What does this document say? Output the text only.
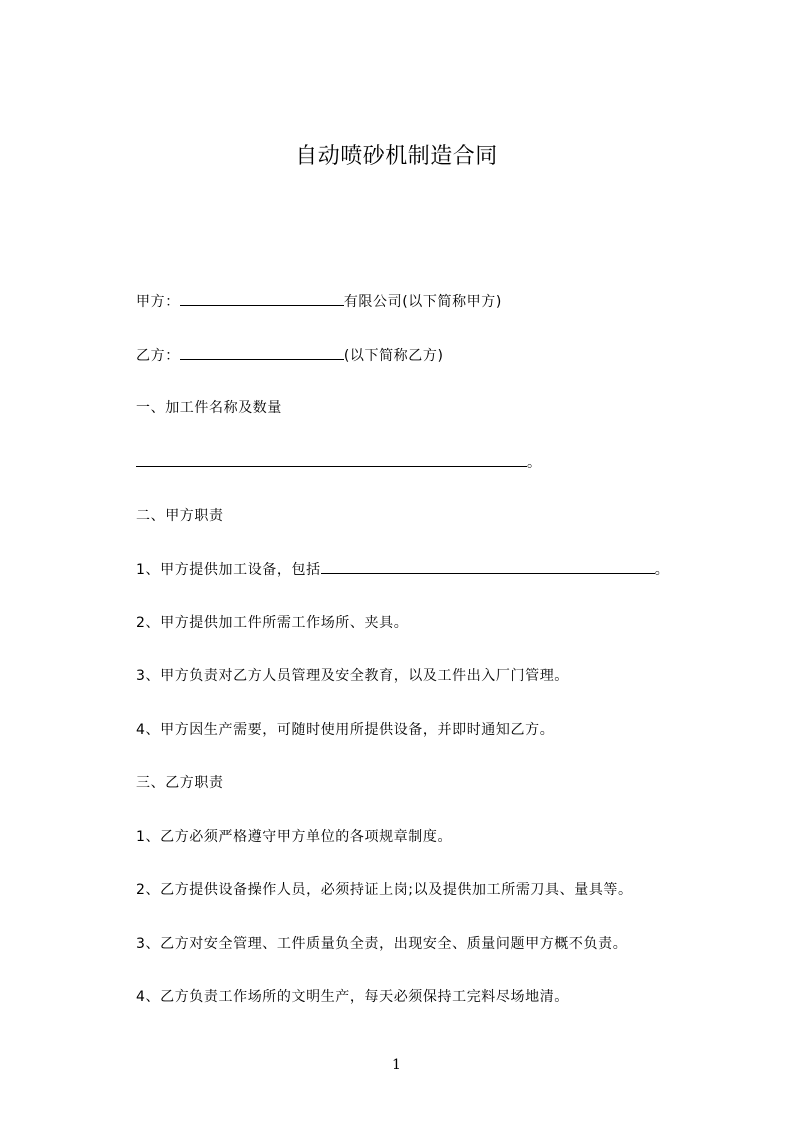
自动喷砂机制造合同
甲方：	有限公司(以下简称甲方)
乙方：	(以下简称乙方)
一、加工件名称及数量
。
二、甲方职责
1、甲方提供加工设备，包括	。
2、甲方提供加工件所需工作场所、夹具。
3、甲方负责对乙方人员管理及安全教育，以及工件出入厂门管理。
4、甲方因生产需要，可随时使用所提供设备，并即时通知乙方。
三、乙方职责
1、乙方必须严格遵守甲方单位的各项规章制度。
2、乙方提供设备操作人员，必须持证上岗;以及提供加工所需刀具、量具等。
3、乙方对安全管理、工件质量负全责，出现安全、质量问题甲方概不负责。
4、乙方负责工作场所的文明生产，每天必须保持工完料尽场地清。
1
